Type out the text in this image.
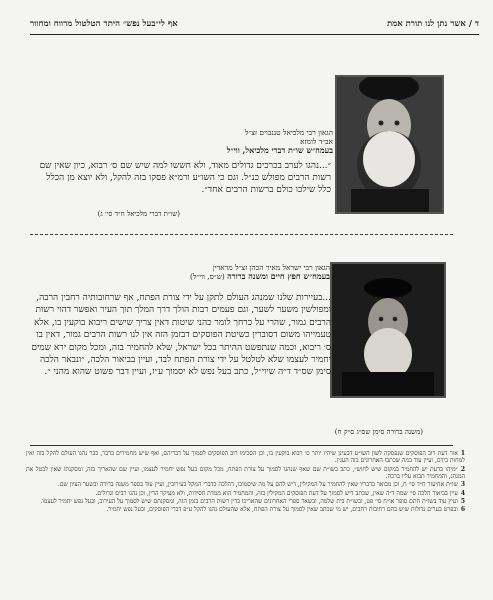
ד / אשר נתן לנו תורת אמת
אף לי״בעל נפש״ היתר הטלטול מרווח ומחוור
הגאון רבי מלכיאל טננבוים זצ״ל
אב״ד לומזא
בעמח״ש שו״ת דברי מלכיאל, ווי״ל
״...נהגו לערב בכרכים גדולים מאוד, ולא חששו למה שיש שם ס׳ רבוא, כיון שאין שם רשות הרבים מפולש כנ״ל. וגם כי השו״ע ורמ״א פסקו בזה להקל, ולא יוצא מן הכלל כלל שילכו כולם ברשות הרבים אחד״.
(שו״ת דברי מלכיאל ח״ד סי׳ ג)
הגאון רבי ישראל מאיר הכהן זצ״ל מראדין
בעמח״ש חפץ חיים ומשנה ברורה (ש״ס, ווי״ל)
...בעיירות שלנו שמנהג העולם לתקן על ידי צורת הפתח, אף שרחובותיה רחבין הרבה, ומפולשין משער לשער, וגם פעמים רבות הולך דרך המלך תוך העיר ואפשר דהוי רשות הרבים גמור, שהרי על כרחך לומר כהני שיטות דאין צריך שישים ריבוא בוקעין בו, אלא טעמייהו משום דסוברין כשיטת הפוסקים דבזמן הזה אין לנו רשות הרבים גמור, דאין בו ס׳ ריבוא, וכמה שנתפשט ההיתר בכל ישראל, שלא להחמיר בזה, ומכל מקום ירא שמים יחמיר לעצמו שלא לטלטל על ידי צורת הפתח לבד, ועיין בביאור הלכה, ״ונבאר הלכה סימן שס״ד ד״ה שיוי״ל, כתב בעל נפש לא יסמוך ע״ז, ועיין דבר פשוט שהוא מהני ״.
(משנה ברורה סימן שס״ג ס״ק ח)

1אור דעת רוב הפוסקים שנפסקה לשון השו״ע דבעינן שיהיו יותר ס׳ רבוא בוקעין בו, וכן הסכימו רוב הפוסקים לסמוך על דבריהם, ואף שיש מחמירים בדבר, כבר נהגו העולם להקל בזה ואין למחות בידם, ועיין עוד במה שכתבו האחרונים בזה הענין.

2״מיהו בדעת יש להחמיר במקום שיש לחוש״, כתב בשו״ת שם שאף שנהגו לסמוך על צורת הפתח, מכל מקום בעל נפש יחמיר לעצמו, ועיין שם שהאריך בזה, ומסקנתו שאין לבטל את המנהג, והמחמיר תבוא עליו ברכה.

3שו״ת אחיעזר ח״ד סי׳ ח, וכן מבואר בדבריו שאין להחמיר על המקילין, דיש להם על מה שיסמוכו, דהלכה כדברי המקל בעירובין, ועיין עוד בספר משנה ברורה ובשער הציון שם.

4עיין בביאור הלכה סי׳ שמה ד״ה שאין, שכתב דיש לסמוך על דעת הפוסקים המקילין בזה, והמחמיר הוא ממדת חסידות, ולא מעיקר הדין, וכן נהגו רבים וגדולים.

5ועיין עוד בשו״ת חתם סופר או״ח סי׳ פט, ובשו״ת בית שלמה, ובשאר ספרי האחרונים שהאריכו בדין רשות הרבים בזמן הזה, ומסקנתם שיש לסמוך על העירוב, ובעל נפש יחמיר לעצמו.

6ובפרט בערים גדולות שיש בהם רחובות רחבים, יש מי שכתב שאין לסמוך על צורת הפתח, אלא שהעולם נהגו להקל ע״פ דברי הפוסקים, ובעל נפש יחמיר.
